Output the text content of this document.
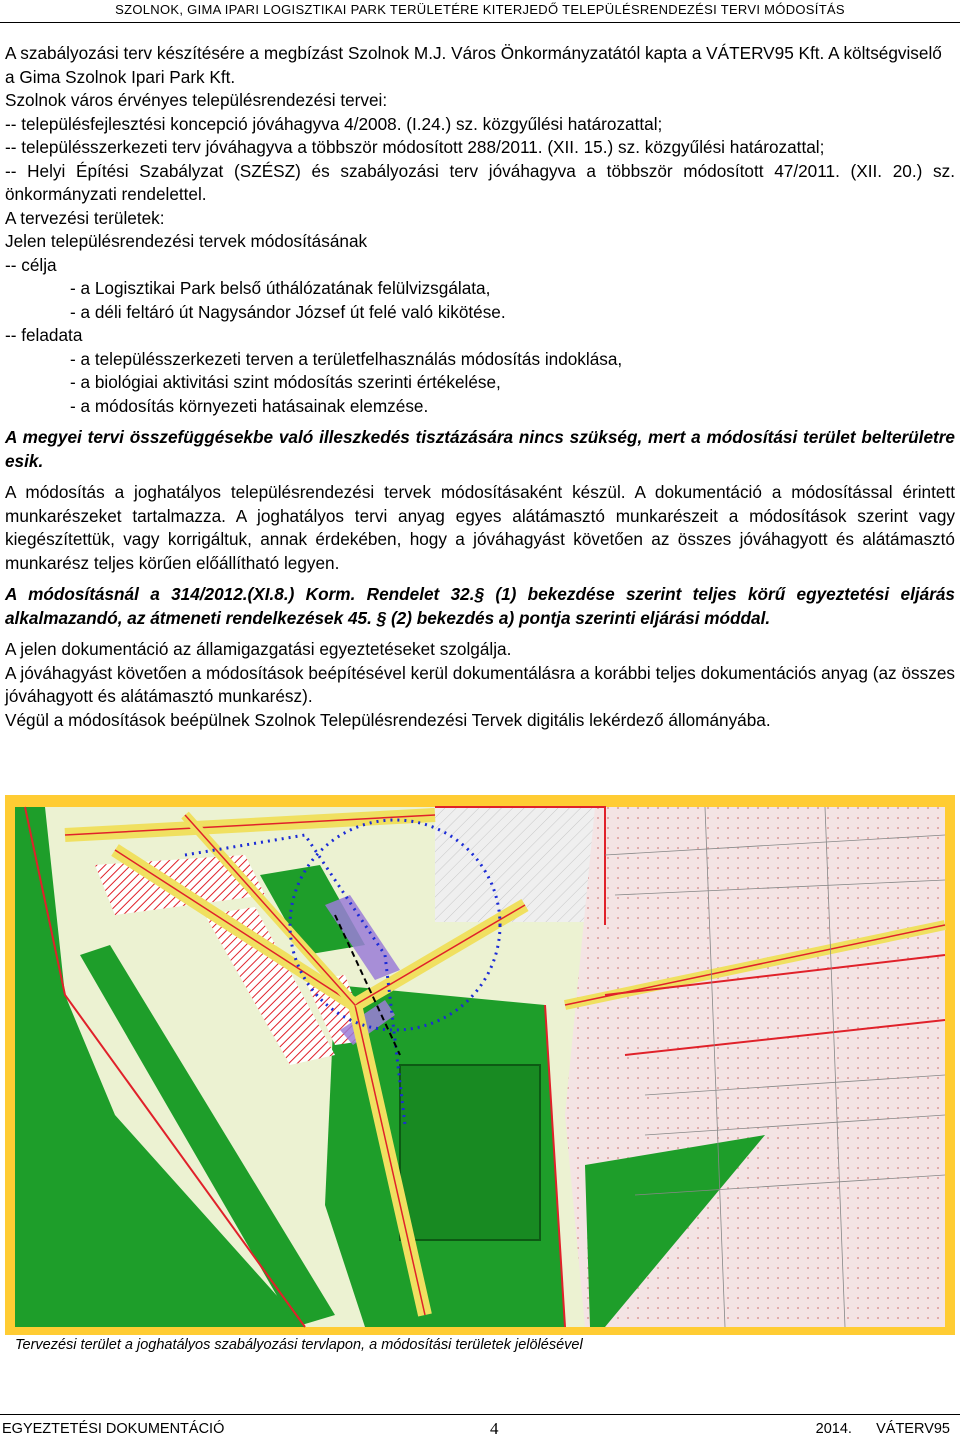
SZOLNOK, GIMA IPARI LOGISZTIKAI PARK TERÜLETÉRE KITERJEDŐ TELEPÜLÉSRENDEZÉSI TERVI MÓDOSÍTÁS

A szabályozási terv készítésére a megbízást Szolnok M.J. Város Önkormányzatától kapta a VÁTERV95 Kft. A költségviselő a Gima Szolnok Ipari Park Kft.

Szolnok város érvényes településrendezési tervei:

-- településfejlesztési koncepció jóváhagyva 4/2008. (I.24.) sz. közgyűlési határozattal;

-- településszerkezeti terv jóváhagyva a többször módosított 288/2011. (XII. 15.) sz. közgyűlési határozattal;

-- Helyi Építési Szabályzat (SZÉSZ) és szabályozási terv jóváhagyva a többször módosított 47/2011. (XII. 20.) sz. önkormányzati rendelettel.

A tervezési területek:

Jelen településrendezési tervek módosításának

-- célja

- a Logisztikai Park belső úthálózatának felülvizsgálata,

- a déli feltáró út Nagysándor József út felé való kikötése.

-- feladata

- a településszerkezeti terven a területfelhasználás módosítás indoklása,

- a biológiai aktivitási szint módosítás szerinti értékelése,

- a módosítás környezeti hatásainak elemzése.

A megyei tervi összefüggésekbe való illeszkedés tisztázására nincs szükség, mert a módosítási terület belterületre esik.

A módosítás a joghatályos településrendezési tervek módosításaként készül. A dokumentáció a módosítással érintett munkarészeket tartalmazza. A joghatályos tervi anyag egyes alátámasztó munkarészeit a módosítások szerint vagy kiegészítettük, vagy korrigáltuk, annak érdekében, hogy a jóváhagyást követően az összes jóváhagyott és alátámasztó munkarész teljes körűen előállítható legyen.

A módosításnál a 314/2012.(XI.8.) Korm. Rendelet 32.§ (1) bekezdése szerint teljes körű egyeztetési eljárás alkalmazandó, az átmeneti rendelkezések 45. § (2) bekezdés a) pontja szerinti eljárási móddal.

A jelen dokumentáció az államigazgatási egyeztetéseket szolgálja.

A jóváhagyást követően a módosítások beépítésével kerül dokumentálásra a korábbi teljes dokumentációs anyag (az összes jóváhagyott és alátámasztó munkarész).

Végül a módosítások beépülnek Szolnok Településrendezési Tervek digitális lekérdező állományába.

Tervezési terület a joghatályos szabályozási tervlapon, a módosítási területek jelölésével
EGYEZTETÉSI DOKUMENTÁCIÓ	4	2014. VÁTERV95
